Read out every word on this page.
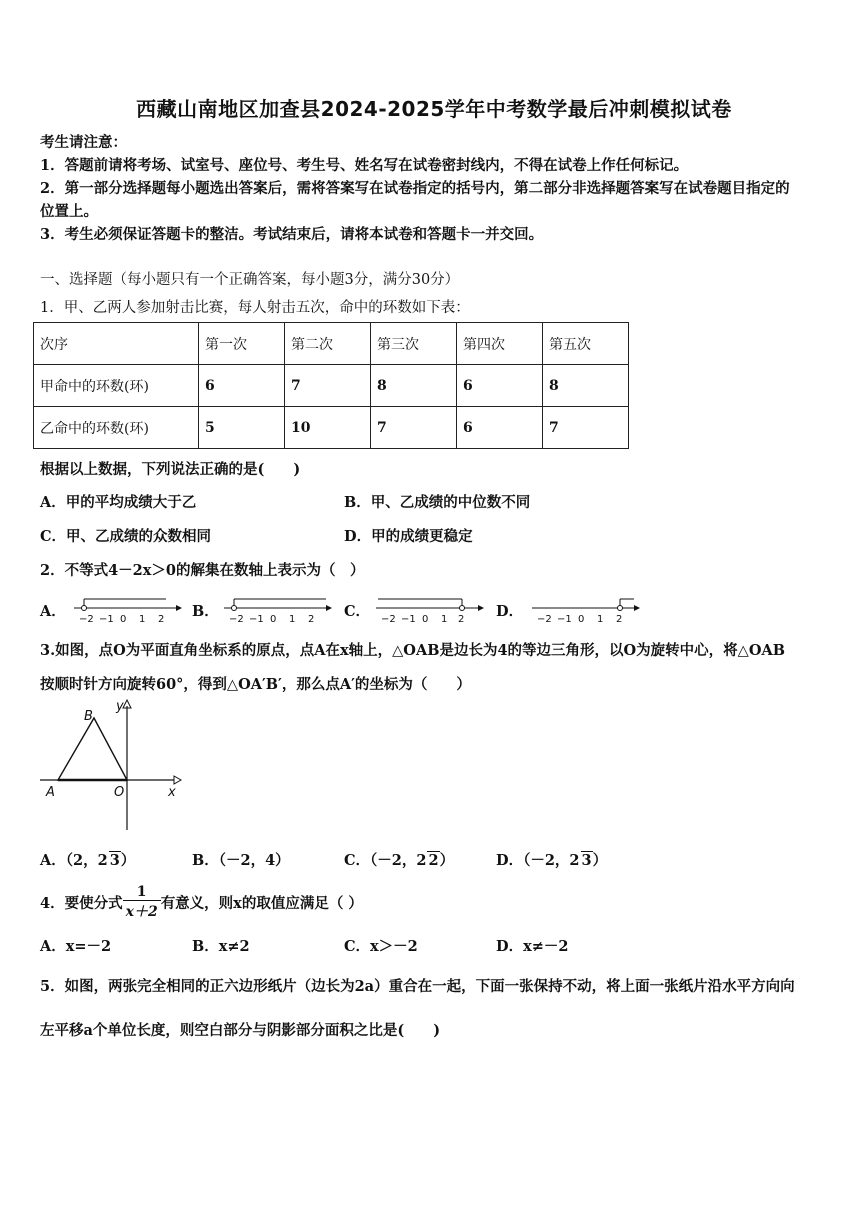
西藏山南地区加查县2024-2025学年中考数学最后冲刺模拟试卷
考生请注意：
1．答题前请将考场、试室号、座位号、考生号、姓名写在试卷密封线内，不得在试卷上作任何标记。
2．第一部分选择题每小题选出答案后，需将答案写在试卷指定的括号内，第二部分非选择题答案写在试卷题目指定的
位置上。
3．考生必须保证答题卡的整洁。考试结束后，请将本试卷和答题卡一并交回。
一、选择题（每小题只有一个正确答案，每小题3分，满分30分）
1．甲、乙两人参加射击比赛，每人射击五次，命中的环数如下表：
次序	第一次	第二次	第三次	第四次	第五次
甲命中的环数(环)	6	7	8	6	8
乙命中的环数(环)	5	10	7	6	7
根据以上数据，下列说法正确的是(　　)
A．甲的平均成绩大于乙	B．甲、乙成绩的中位数不同
C．甲、乙成绩的众数相同	D．甲的成绩更稳定
2．不等式4－2x＞0的解集在数轴上表示为（　）
A．	B．	C．	D．
−2 −1 0 1 2	−2 −1 0 1 2	−2 −1 0 1 2	−2 −1 0 1 2
3.如图，点O为平面直角坐标系的原点，点A在x轴上，△OAB是边长为4的等边三角形，以O为旋转中心，将△OAB
按顺时针方向旋转60°，得到△OA′B′，那么点A′的坐标为（　　）
B
y
A	O	x
A．（2，2 3）	B．（－2，4）	C．（－2，2 2）	D．（－2，2 3）
4．要使分式 $\frac{1}{x+2}$ 有意义，则x的取值应满足（ ）
A．x=－2	B．x≠2	C．x＞－2	D．x≠－2
5．如图，两张完全相同的正六边形纸片（边长为2a）重合在一起，下面一张保持不动，将上面一张纸片沿水平方向向
左平移a个单位长度，则空白部分与阴影部分面积之比是(　　)
